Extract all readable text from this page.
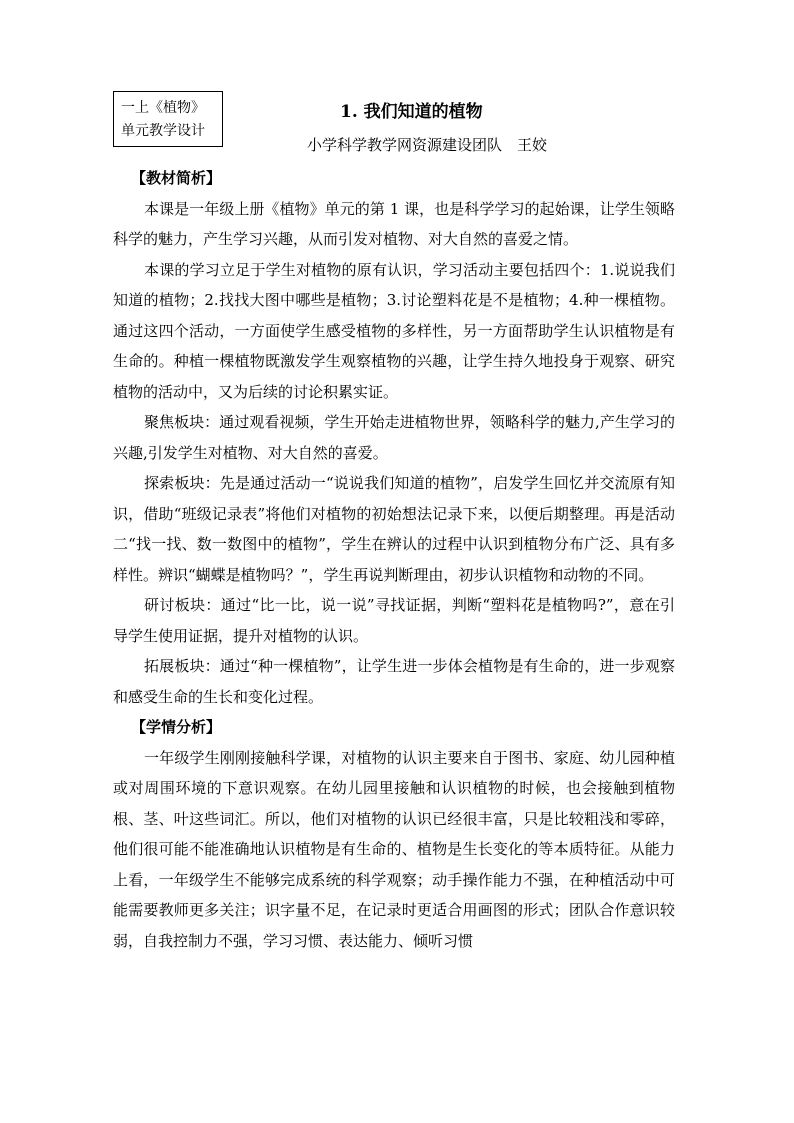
一上《植物》
单元教学设计
1. 我们知道的植物
小学科学教学网资源建设团队　王姣

【教材简析】

本课是一年级上册《植物》单元的第 1 课，也是科学学习的起始课，让学生领略科学的魅力，产生学习兴趣，从而引发对植物、对大自然的喜爱之情。

本课的学习立足于学生对植物的原有认识，学习活动主要包括四个：1.说说我们知道的植物；2.找找大图中哪些是植物；3.讨论塑料花是不是植物；4.种一棵植物。通过这四个活动，一方面使学生感受植物的多样性，另一方面帮助学生认识植物是有生命的。种植一棵植物既激发学生观察植物的兴趣，让学生持久地投身于观察、研究植物的活动中，又为后续的讨论积累实证。

聚焦板块：通过观看视频，学生开始走进植物世界，领略科学的魅力,产生学习的兴趣,引发学生对植物、对大自然的喜爱。

探索板块：先是通过活动一“说说我们知道的植物”，启发学生回忆并交流原有知识，借助“班级记录表”将他们对植物的初始想法记录下来，以便后期整理。再是活动二“找一找、数一数图中的植物”，学生在辨认的过程中认识到植物分布广泛、具有多样性。辨识“蝴蝶是植物吗？”，学生再说判断理由，初步认识植物和动物的不同。

研讨板块：通过“比一比，说一说”寻找证据，判断“塑料花是植物吗?”，意在引导学生使用证据，提升对植物的认识。

拓展板块：通过“种一棵植物”，让学生进一步体会植物是有生命的，进一步观察和感受生命的生长和变化过程。

【学情分析】

一年级学生刚刚接触科学课，对植物的认识主要来自于图书、家庭、幼儿园种植或对周围环境的下意识观察。在幼儿园里接触和认识植物的时候，也会接触到植物根、茎、叶这些词汇。所以，他们对植物的认识已经很丰富，只是比较粗浅和零碎，他们很可能不能准确地认识植物是有生命的、植物是生长变化的等本质特征。从能力上看，一年级学生不能够完成系统的科学观察；动手操作能力不强，在种植活动中可能需要教师更多关注；识字量不足，在记录时更适合用画图的形式；团队合作意识较弱，自我控制力不强，学习习惯、表达能力、倾听习惯
